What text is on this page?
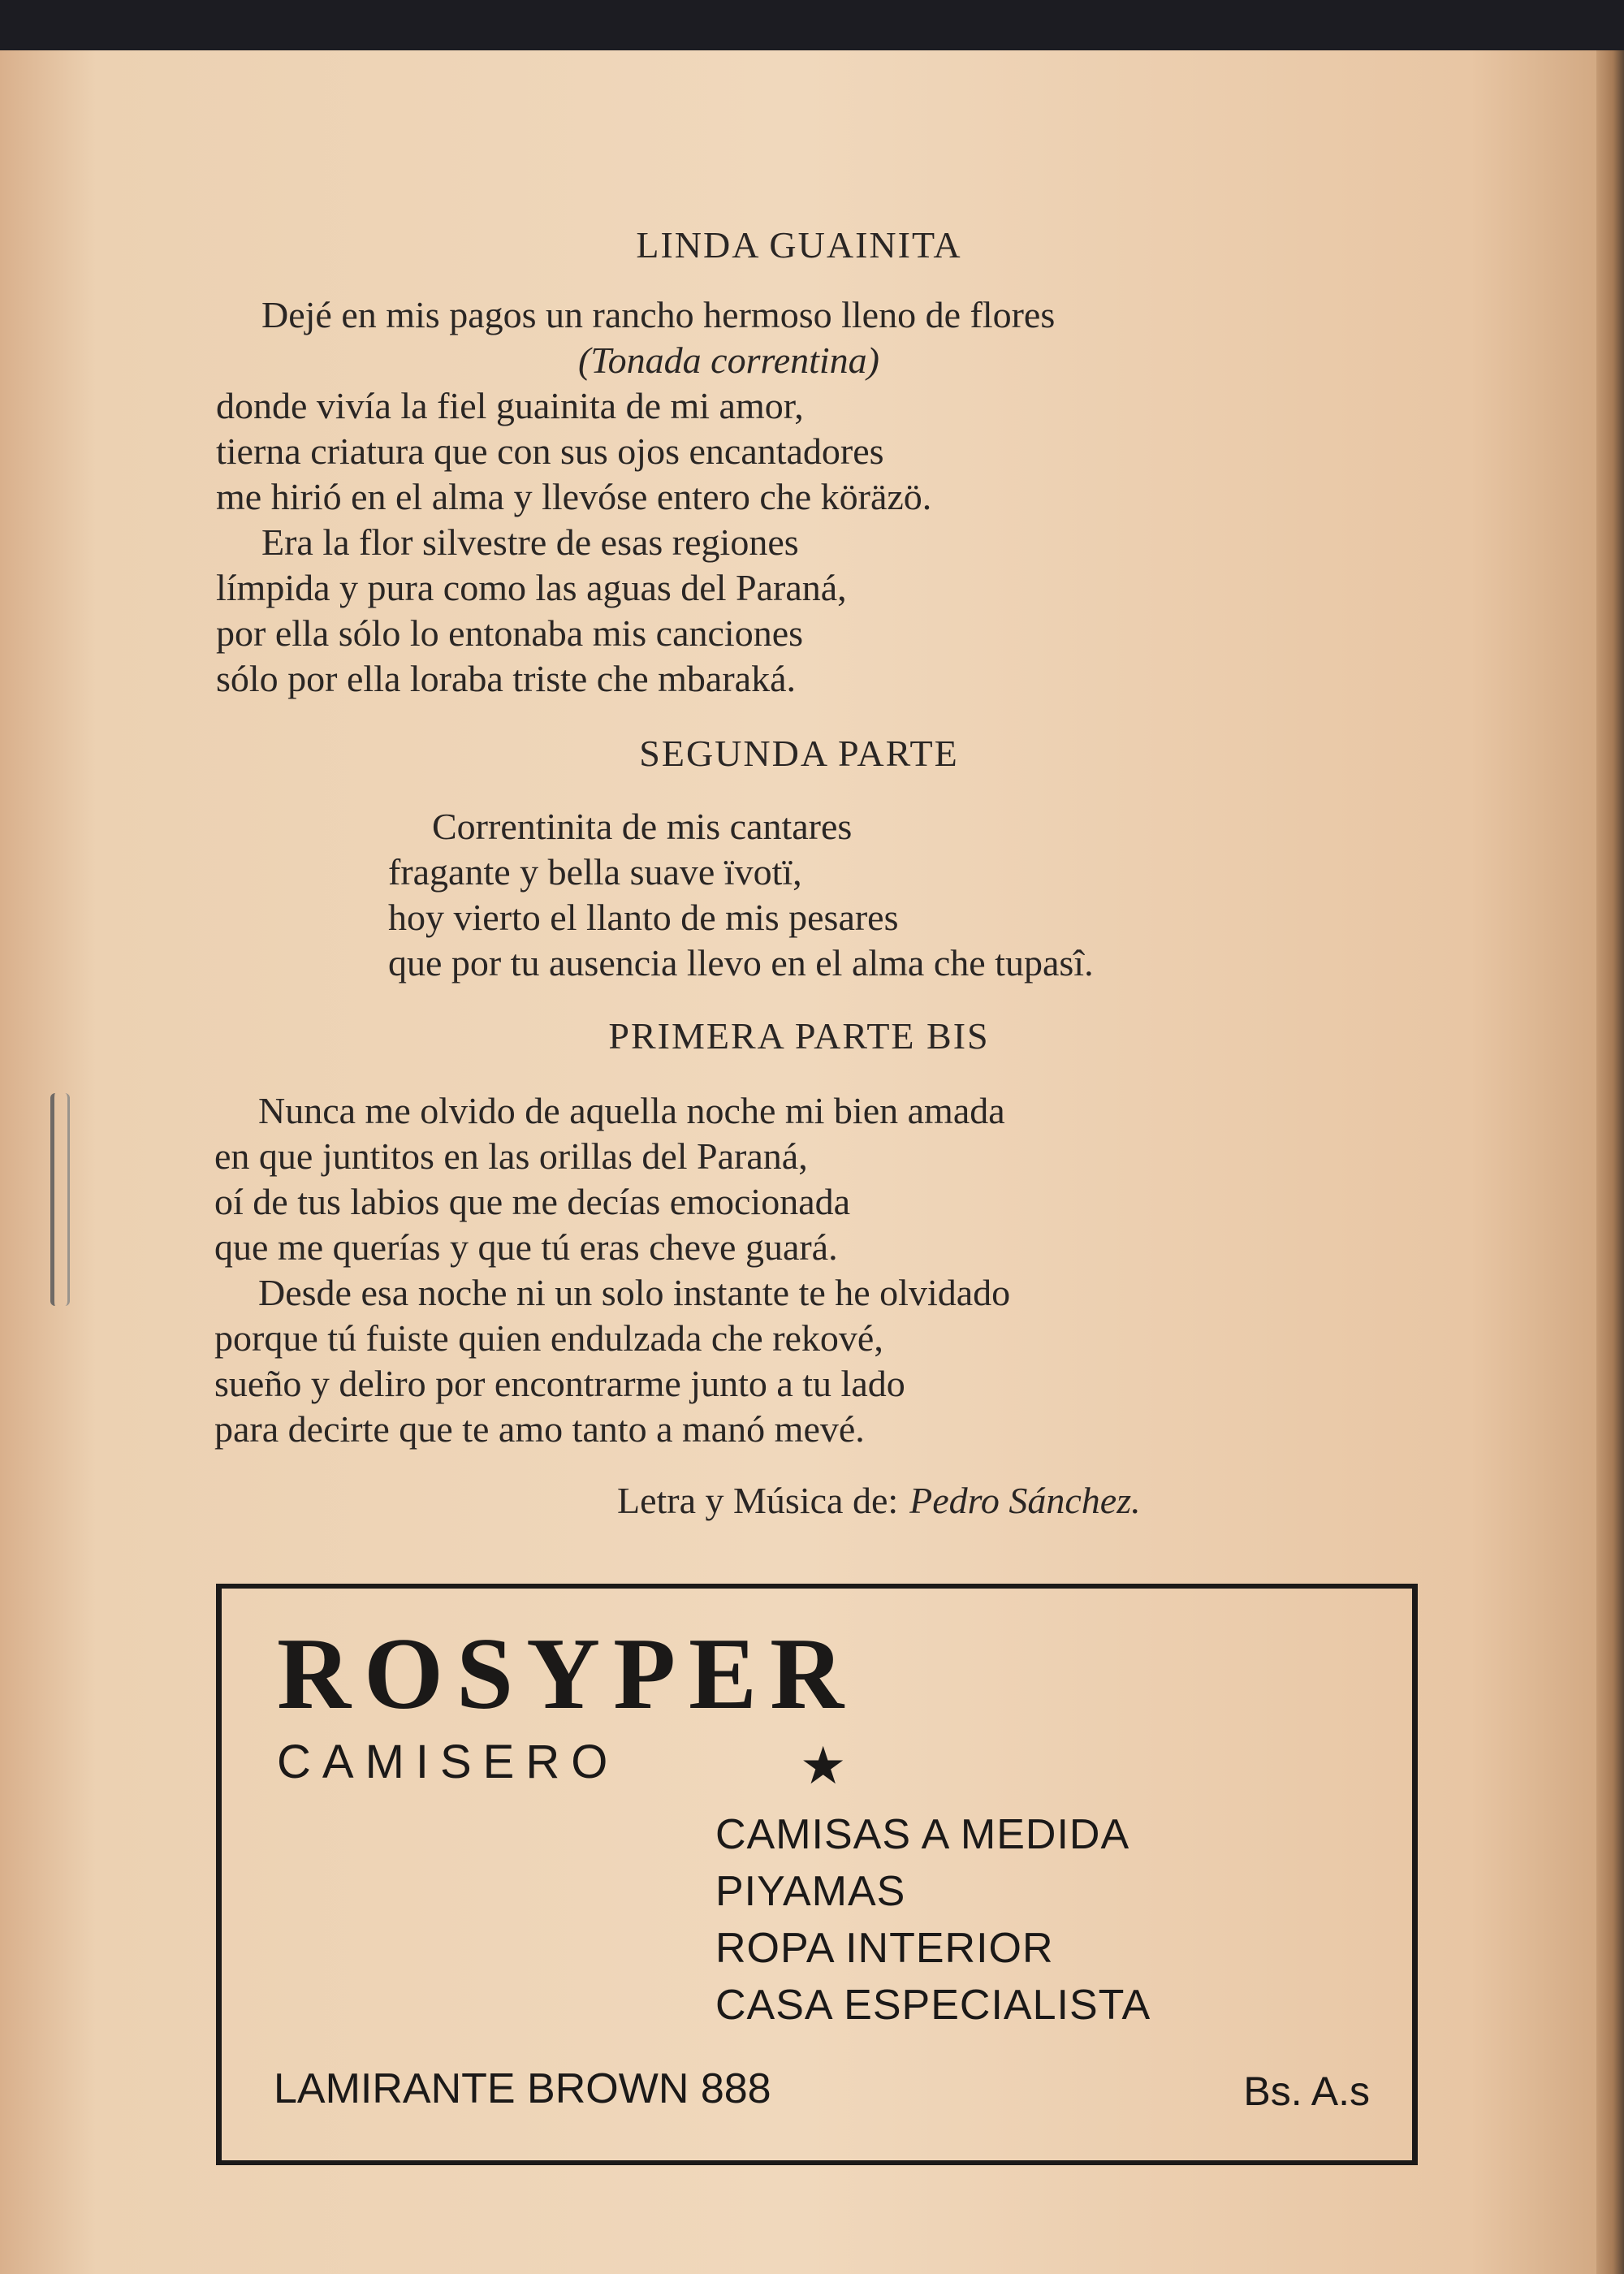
LINDA GUAINITA
Dejé en mis pagos un rancho hermoso lleno de flores
(Tonada correntina)
donde vivía la fiel guainita de mi amor,
tierna criatura que con sus ojos encantadores
me hirió en el alma y llevóse entero che köräzö.
Era la flor silvestre de esas regiones
límpida y pura como las aguas del Paraná,
por ella sólo lo entonaba mis canciones
sólo por ella loraba triste che mbaraká.
SEGUNDA PARTE
Correntinita de mis cantares
fragante y bella suave ïvotï,
hoy vierto el llanto de mis pesares
que por tu ausencia llevo en el alma che tupasî.
PRIMERA PARTE BIS
Nunca me olvido de aquella noche mi bien amada
en que juntitos en las orillas del Paraná,
oí de tus labios que me decías emocionada
que me querías y que tú eras cheve guará.
Desde esa noche ni un solo instante te he olvidado
porque tú fuiste quien endulzada che rekové,
sueño y deliro por encontrarme junto a tu lado
para decirte que te amo tanto a manó mevé.
Letra y Música de: Pedro Sánchez.
ROSYPER
CAMISERO	★
CAMISAS A MEDIDA
PIYAMAS
ROPA INTERIOR
CASA ESPECIALISTA
LAMIRANTE BROWN 888	Bs. A.s
